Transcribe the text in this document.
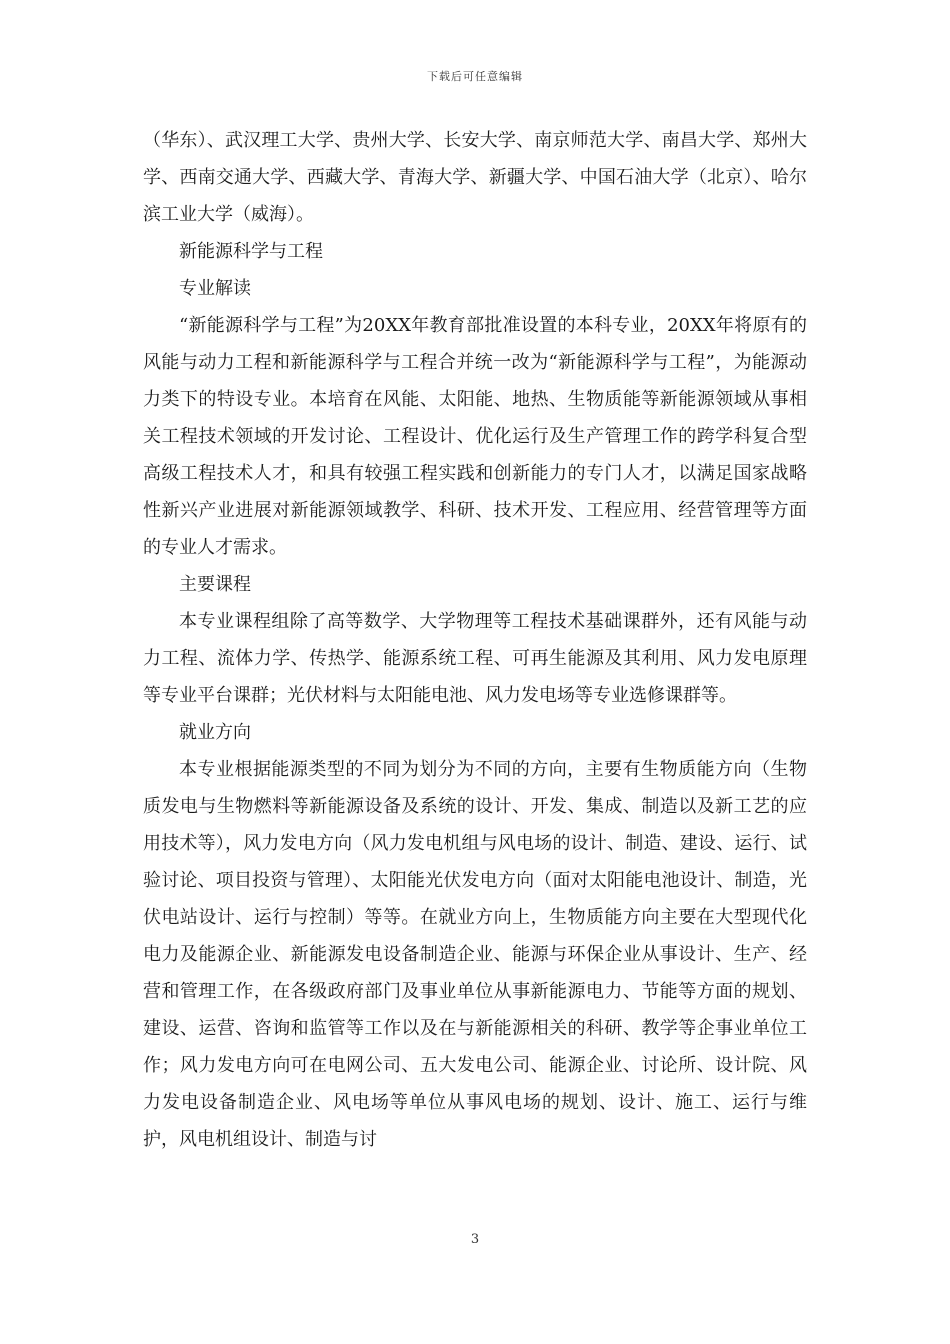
下载后可任意编辑

（华东）、武汉理工大学、贵州大学、长安大学、南京师范大学、南昌大学、郑州大学、西南交通大学、西藏大学、青海大学、新疆大学、中国石油大学（北京）、哈尔滨工业大学（威海）。

新能源科学与工程

专业解读

“新能源科学与工程”为20XX年教育部批准设置的本科专业，20XX年将原有的风能与动力工程和新能源科学与工程合并统一改为“新能源科学与工程”，为能源动力类下的特设专业。本培育在风能、太阳能、地热、生物质能等新能源领域从事相关工程技术领域的开发讨论、工程设计、优化运行及生产管理工作的跨学科复合型高级工程技术人才，和具有较强工程实践和创新能力的专门人才，以满足国家战略性新兴产业进展对新能源领域教学、科研、技术开发、工程应用、经营管理等方面的专业人才需求。

主要课程

本专业课程组除了高等数学、大学物理等工程技术基础课群外，还有风能与动力工程、流体力学、传热学、能源系统工程、可再生能源及其利用、风力发电原理等专业平台课群；光伏材料与太阳能电池、风力发电场等专业选修课群等。

就业方向

本专业根据能源类型的不同为划分为不同的方向，主要有生物质能方向（生物质发电与生物燃料等新能源设备及系统的设计、开发、集成、制造以及新工艺的应用技术等），风力发电方向（风力发电机组与风电场的设计、制造、建设、运行、试验讨论、项目投资与管理）、太阳能光伏发电方向（面对太阳能电池设计、制造，光伏电站设计、运行与控制）等等。在就业方向上，生物质能方向主要在大型现代化电力及能源企业、新能源发电设备制造企业、能源与环保企业从事设计、生产、经营和管理工作，在各级政府部门及事业单位从事新能源电力、节能等方面的规划、建设、运营、咨询和监管等工作以及在与新能源相关的科研、教学等企事业单位工作；风力发电方向可在电网公司、五大发电公司、能源企业、讨论所、设计院、风力发电设备制造企业、风电场等单位从事风电场的规划、设计、施工、运行与维护，风电机组设计、制造与讨

3
